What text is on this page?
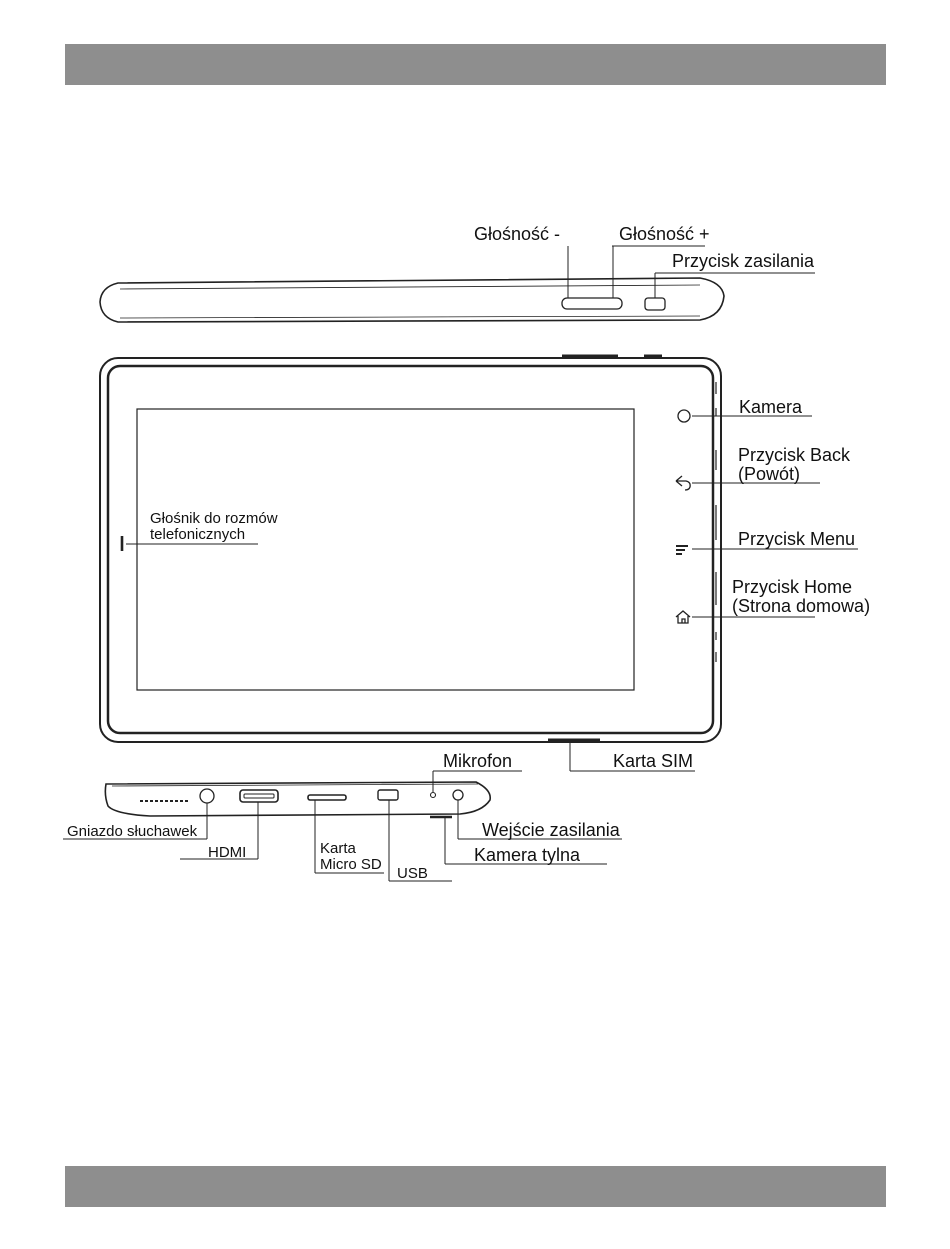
Głośność -	Głośność +
Przycisk zasilania
Kamera
Przycisk Back
(Powót)
Przycisk Menu
Przycisk Home
(Strona domowa)
Głośnik do rozmów
telefonicznych
Mikrofon	Karta SIM
Gniazdo słuchawek
HDMI	Karta
Micro SD
USB
Wejście zasilania
Kamera tylna
